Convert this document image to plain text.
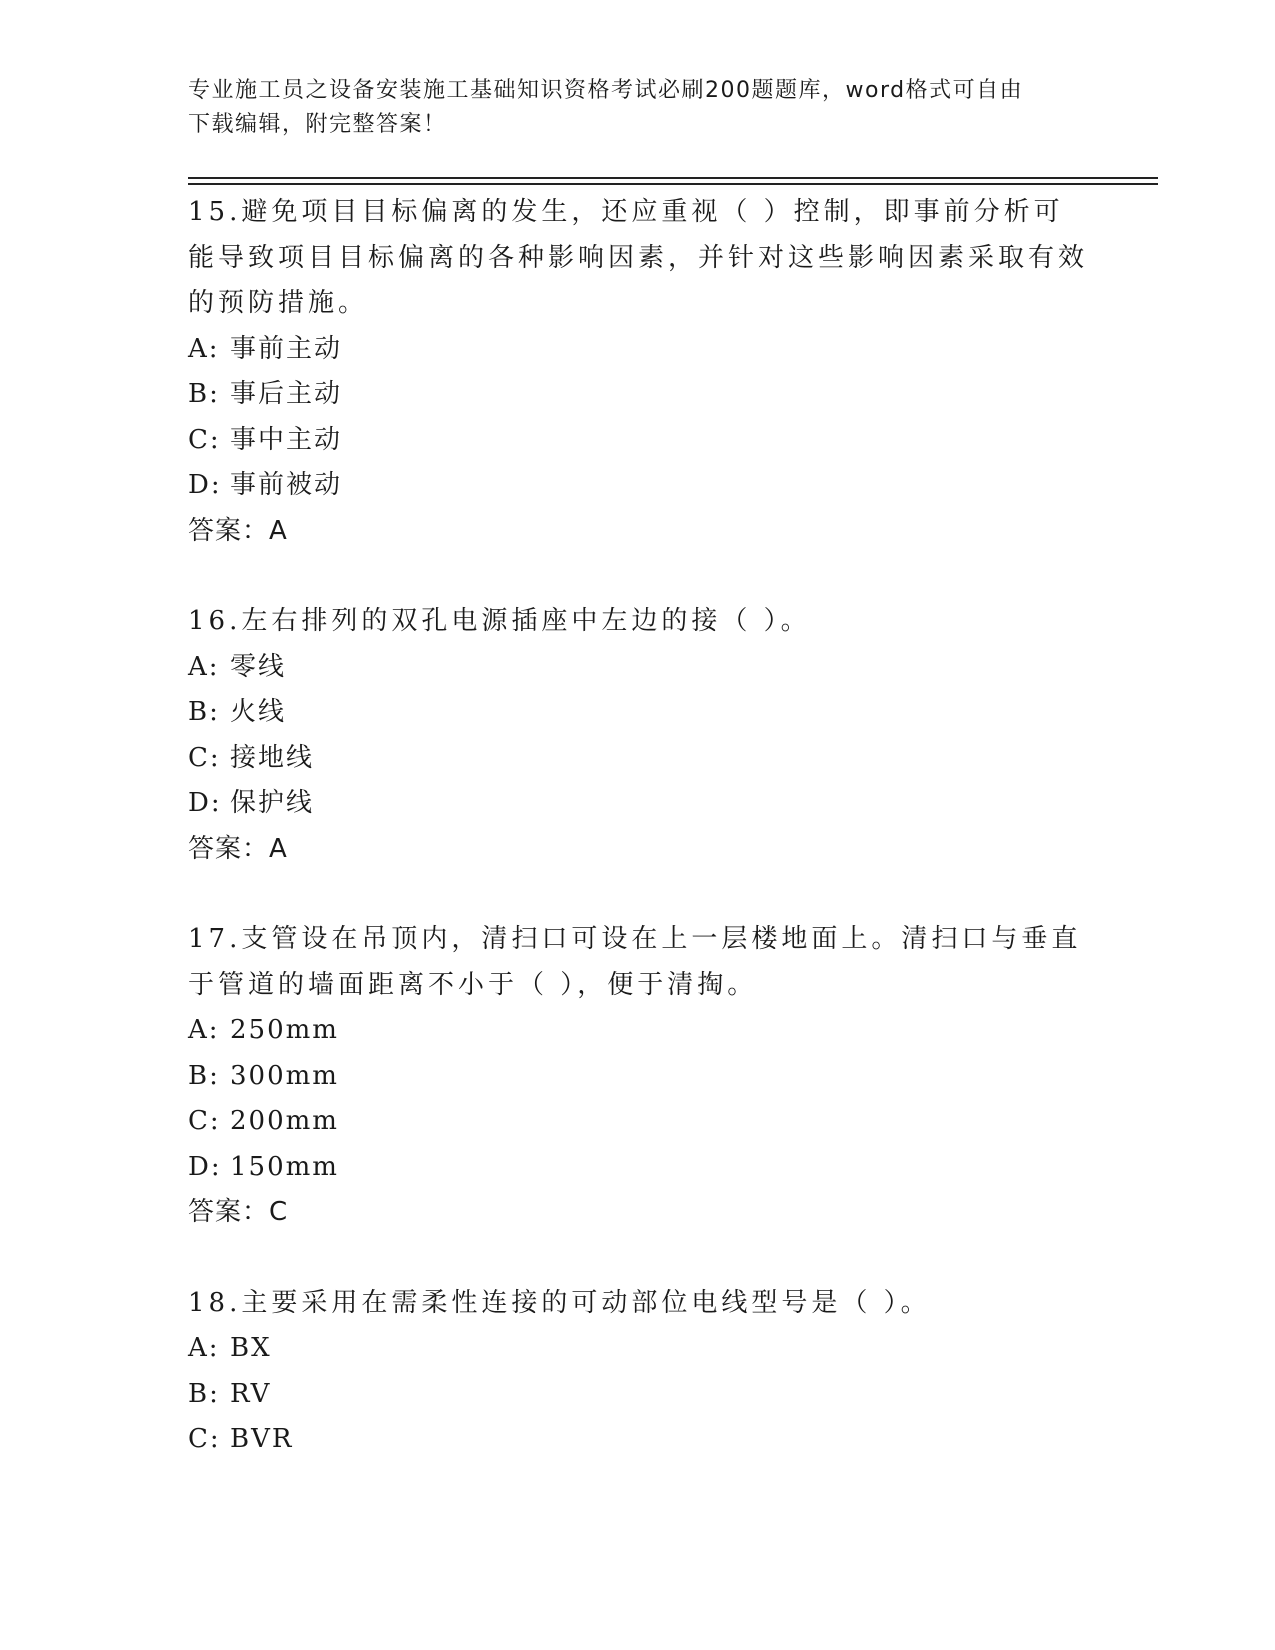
专业施工员之设备安装施工基础知识资格考试必刷200题题库，word格式可自由
下载编辑，附完整答案！
15.避免项目目标偏离的发生，还应重视（ ）控制，即事前分析可能导致项目目标偏离的各种影响因素，并针对这些影响因素采取有效的预防措施。
A: 事前主动
B: 事后主动
C: 事中主动
D: 事前被动
答案：A
16.左右排列的双孔电源插座中左边的接（ ）。
A: 零线
B: 火线
C: 接地线
D: 保护线
答案：A
17.支管设在吊顶内，清扫口可设在上一层楼地面上。清扫口与垂直于管道的墙面距离不小于（ ），便于清掏。
A: 250mm
B: 300mm
C: 200mm
D: 150mm
答案：C
18.主要采用在需柔性连接的可动部位电线型号是（ ）。
A: BX
B: RV
C: BVR
